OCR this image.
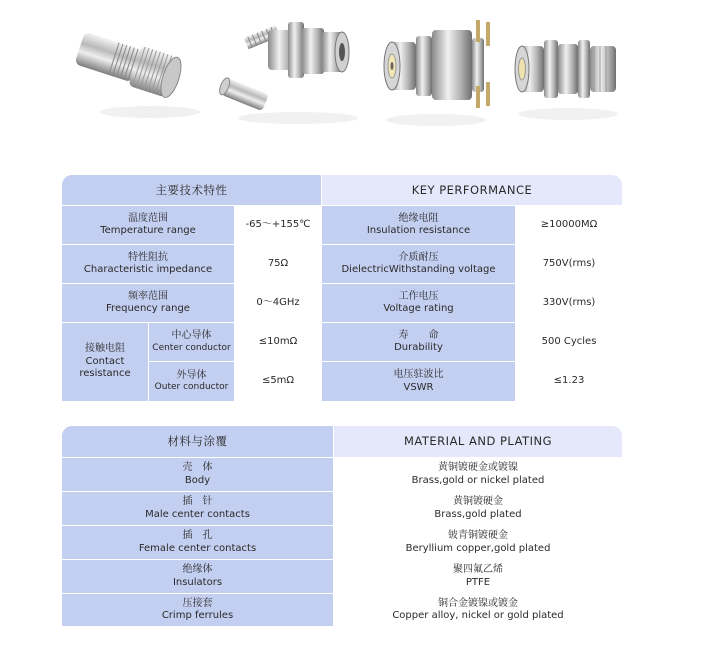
主要技术特性	KEY PERFORMANCE
温度范围
Temperature range
-65～+155℃
绝缘电阻
Insulation resistance
≥10000MΩ
特性阻抗
Characteristic impedance
75Ω
介质耐压
DielectricWithstanding voltage
750V(rms)
频率范围
Frequency range
0～4GHz
工作电压
Voltage rating
330V(rms)
接触电阻
Contact
resistance
中心导体
Center conductor
≤10mΩ
外导体
Outer conductor
≤5mΩ
寿　　命
Durability
500 Cycles
电压驻波比
VSWR
≤1.23
材料与涂覆	MATERIAL AND PLATING
壳　体
Body
黄铜镀硬金或镀镍
Brass,gold or nickel plated
插　针
Male center contacts
黄铜镀硬金
Brass,gold plated
插　孔
Female center contacts
铍青铜镀硬金
Beryllium copper,gold plated
绝缘体
Insulators
聚四氟乙烯
PTFE
压接套
Crimp ferrules
铜合金镀镍或镀金
Copper alloy, nickel or gold plated
